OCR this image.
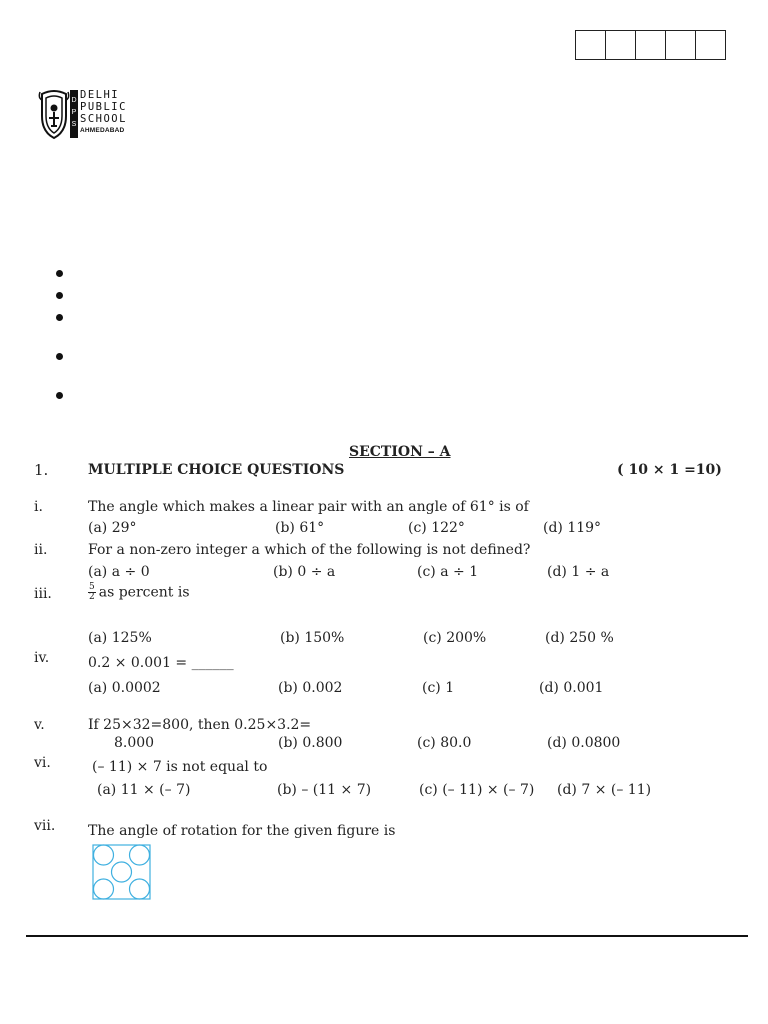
D
P
S
DELHI
PUBLIC
SCHOOL
AHMEDABAD
SECTION – A
1.	MULTIPLE CHOICE QUESTIONS	( 10 × 1 =10)
i.	The angle which makes a linear pair with an angle of 61° is of
(a) 29°	(b) 61°	(c) 122°	(d) 119°
ii.	For a non-zero integer a which of the following is not defined?
(a) a ÷ 0	(b) 0 ÷ a	(c) a ÷ 1	(d) 1 ÷ a
iii.	$\frac{5}{2}$ as percent is
(a) 125%	(b) 150%	(c) 200%	(d) 250 %
iv.	0.2 × 0.001 = ______
(a) 0.0002	(b) 0.002	(c) 1	(d) 0.001
v.	If 25×32=800, then 0.25×3.2=
8.000	(b) 0.800	(c) 80.0	(d) 0.0800
vi.	(– 11) × 7 is not equal to
(a) 11 × (– 7)	(b) – (11 × 7)	(c) (– 11) × (– 7) (d) 7 × (– 11)
vii. The angle of rotation for the given figure is
